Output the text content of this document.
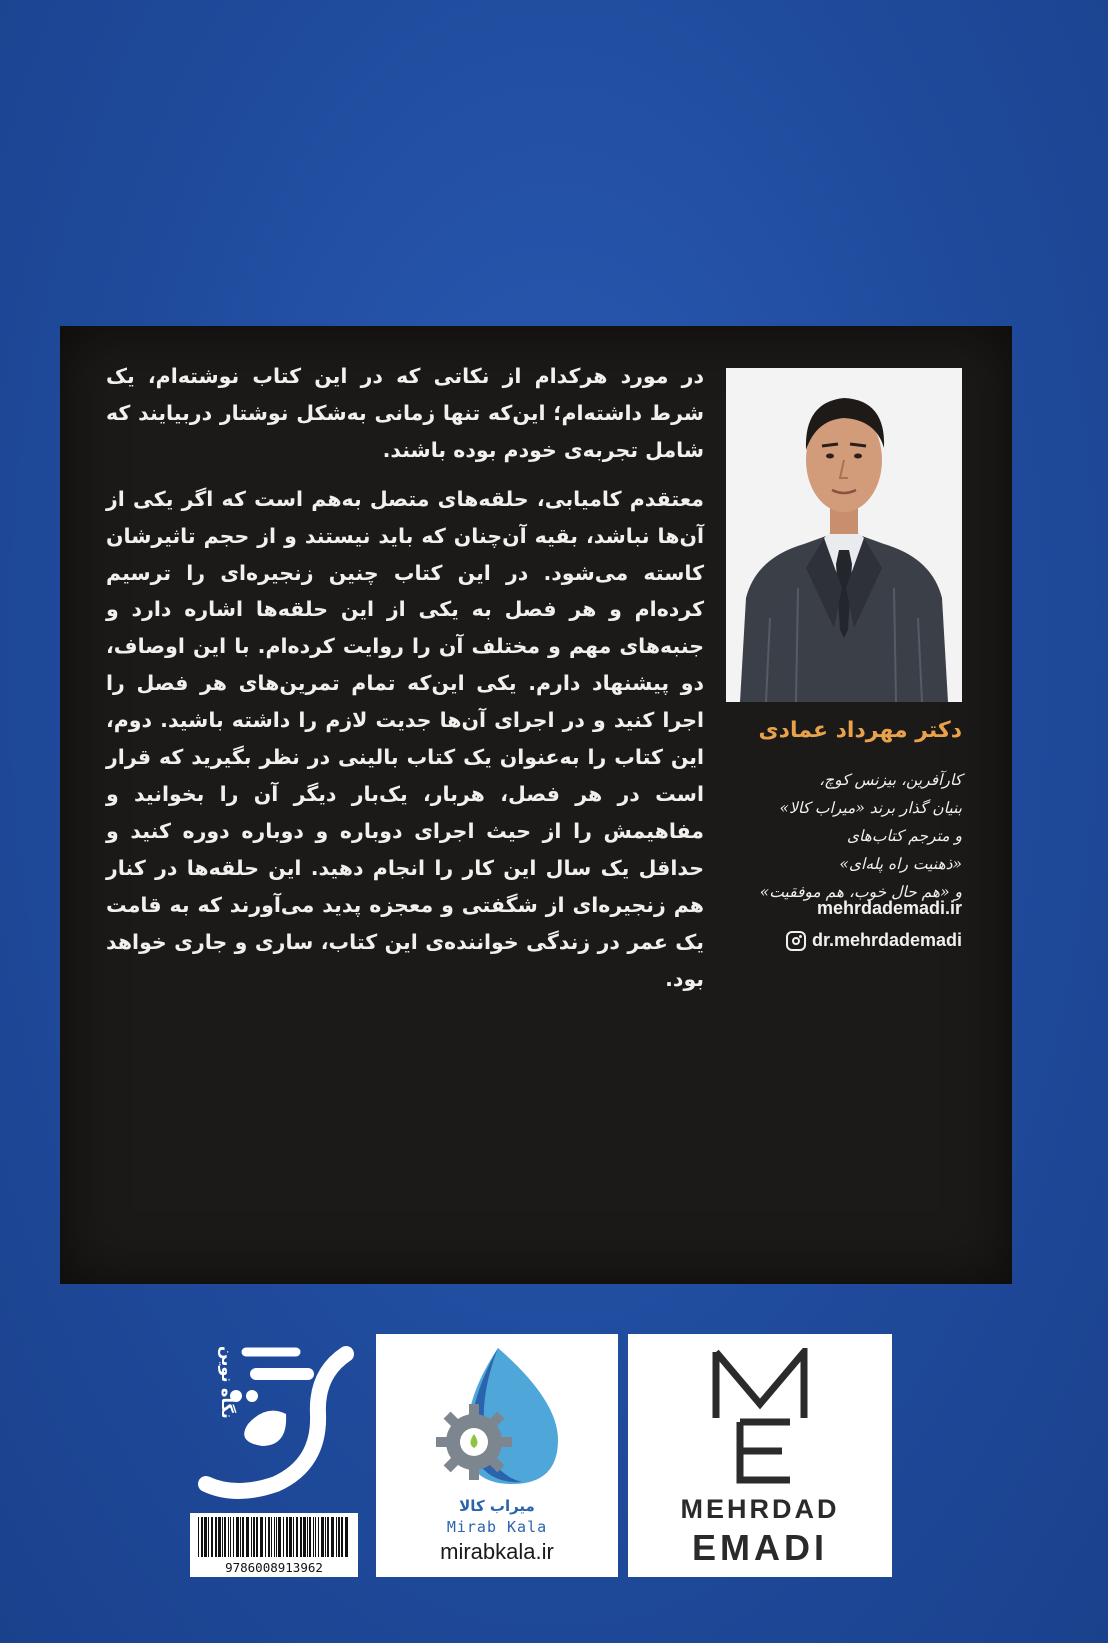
در مورد هرکدام از نکاتی که در این کتاب نوشته‌ام، یک شرط داشته‌ام؛ این‌که تنها زمانی به‌شکل نوشتار دربیایند که شامل تجربه‌ی خودم بوده باشند.

معتقدم کامیابی، حلقه‌های متصل به‌هم است که اگر یکی از آن‌ها نباشد، بقیه آن‌چنان که باید نیستند و از حجم تاثیرشان کاسته می‌شود. در این کتاب چنین زنجیره‌ای را ترسیم کرده‌ام و هر فصل به یکی از این حلقه‌ها اشاره دارد و جنبه‌های مهم و مختلف آن را روایت کرده‌ام. با این اوصاف، دو پیشنهاد دارم. یکی این‌که تمام تمرین‌های هر فصل را اجرا کنید و در اجرای آن‌ها جدیت لازم را داشته باشید. دوم، این کتاب را به‌عنوان یک کتاب بالینی در نظر بگیرید که قرار است در هر فصل، هربار، یک‌بار دیگر آن را بخوانید و مفاهیمش را از حیث اجرای دوباره و دوباره دوره کنید و حداقل یک سال این کار را انجام دهید. این حلقه‌ها در کنار هم زنجیره‌ای از شگفتی و معجزه پدید می‌آورند که به قامت یک عمر در زندگی خواننده‌ی این کتاب، ساری و جاری خواهد بود.

دکتر مهرداد عمادی
کارآفرین، بیزنس کوچ،
بنیان گذار برند «میراب کالا»
و مترجم کتاب‌های
«ذهنیت راه پله‌ای»
و «هم حال خوب، هم موفقیت»
mehrdademadi.ir
dr.mehrdademadi
MEHRDAD
EMADI
میراب کالا
Mirab Kala
mirabkala.ir
نگاه نوین
9786008913962
